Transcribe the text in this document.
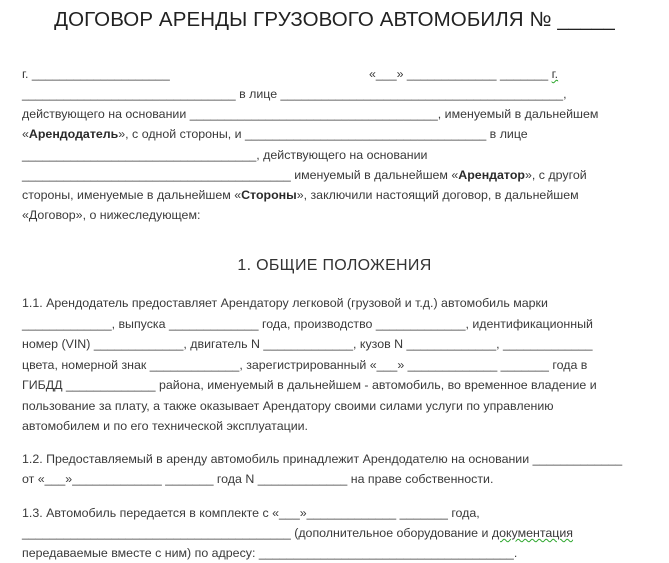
ДОГОВОР АРЕНДЫ ГРУЗОВОГО АВТОМОБИЛЯ № _____
г. ____________________	«___» _____________ _______ г.
_______________________________ в лице _________________________________________,
действующего на основании ____________________________________, именуемый в дальнейшем
«Арендодатель», с одной стороны, и ___________________________________ в лице
__________________________________, действующего на основании
_______________________________________ именуемый в дальнейшем «Арендатор», с другой
стороны, именуемые в дальнейшем «Стороны», заключили настоящий договор, в дальнейшем
«Договор», о нижеследующем:
1. ОБЩИЕ ПОЛОЖЕНИЯ
1.1. Арендодатель предоставляет Арендатору легковой (грузовой и т.д.) автомобиль марки
_____________, выпуска _____________ года, производство _____________, идентификационный
номер (VIN) _____________, двигатель N _____________, кузов N _____________, _____________
цвета, номерной знак _____________, зарегистрированный «___» _____________ _______ года в
ГИБДД _____________ района, именуемый в дальнейшем - автомобиль, во временное владение и
пользование за плату, а также оказывает Арендатору своими силами услуги по управлению
автомобилем и по его технической эксплуатации.
1.2. Предоставляемый в аренду автомобиль принадлежит Арендодателю на основании _____________
от «___»_____________ _______ года N _____________ на праве собственности.
1.3. Автомобиль передается в комплекте с «___»_____________ _______ года,
_______________________________________ (дополнительное оборудование и документация
передаваемые вместе с ним) по адресу: _____________________________________.
